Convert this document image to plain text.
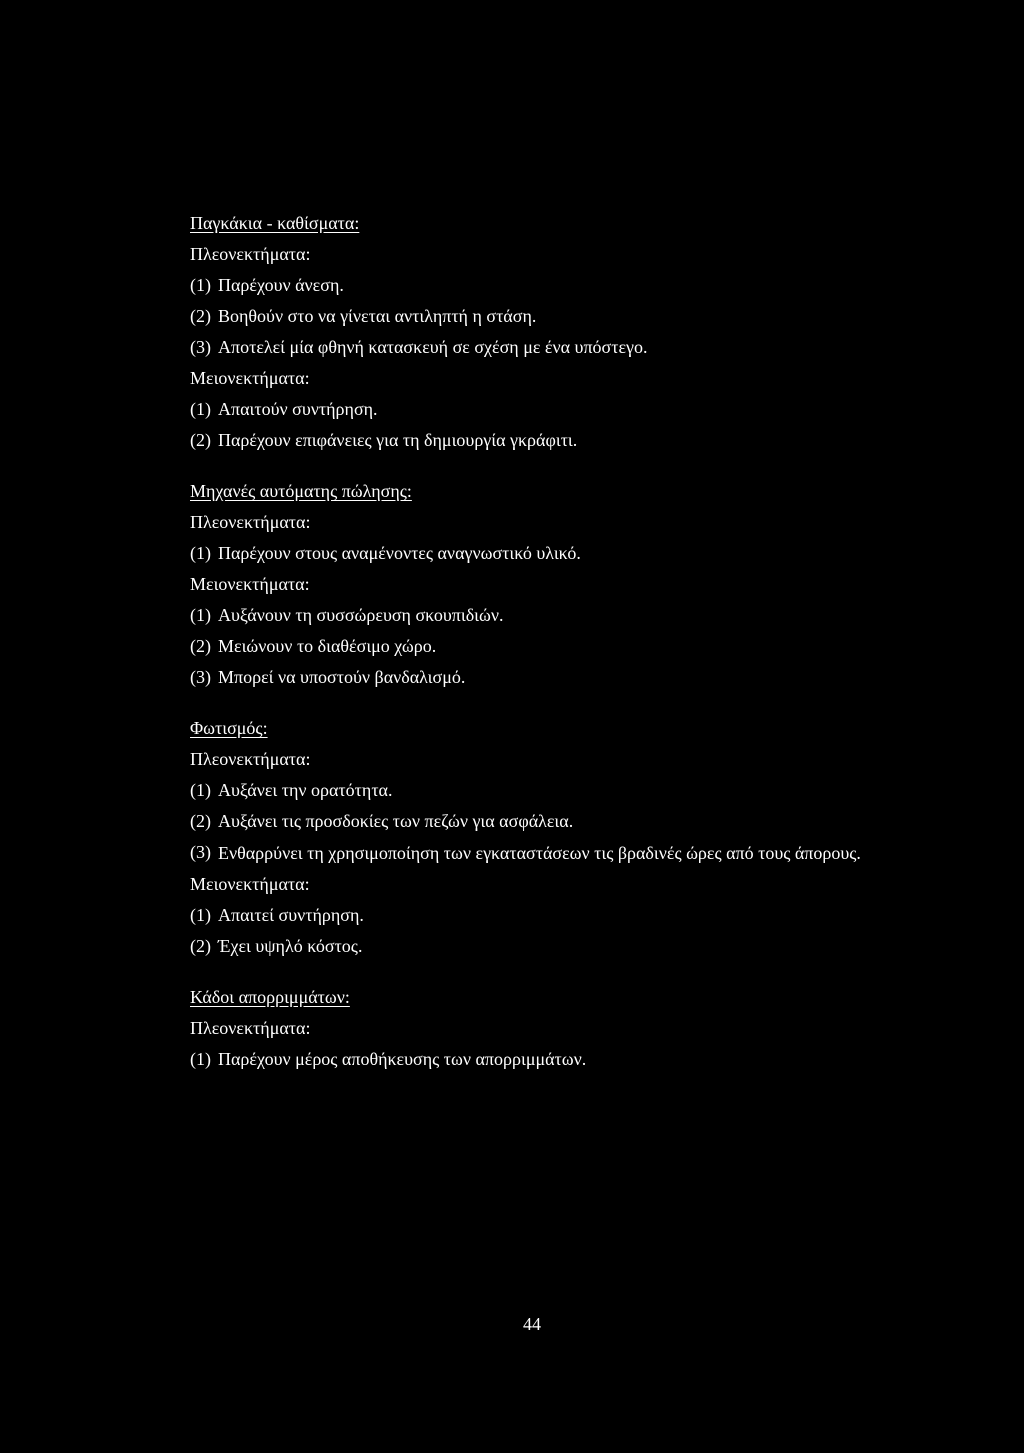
Παγκάκια - καθίσματα:
Πλεονεκτήματα:
(1) Παρέχουν άνεση.
(2) Βοηθούν στο να γίνεται αντιληπτή η στάση.
(3) Αποτελεί μία φθηνή κατασκευή σε σχέση με ένα υπόστεγο.
Μειονεκτήματα:
(1) Απαιτούν συντήρηση.
(2) Παρέχουν επιφάνειες για τη δημιουργία γκράφιτι.
Μηχανές αυτόματης πώλησης:
Πλεονεκτήματα:
(1) Παρέχουν στους αναμένοντες αναγνωστικό υλικό.
Μειονεκτήματα:
(1) Αυξάνουν τη συσσώρευση σκουπιδιών.
(2) Μειώνουν το διαθέσιμο χώρο.
(3) Μπορεί να υποστούν βανδαλισμό.
Φωτισμός:
Πλεονεκτήματα:
(1) Αυξάνει την ορατότητα.
(2) Αυξάνει τις προσδοκίες των πεζών για ασφάλεια.
(3) Ενθαρρύνει τη χρησιμοποίηση των εγκαταστάσεων τις βραδινές ώρες από τους άπορους.
Μειονεκτήματα:
(1) Απαιτεί συντήρηση.
(2) Έχει υψηλό κόστος.
Κάδοι απορριμμάτων:
Πλεονεκτήματα:
(1) Παρέχουν μέρος αποθήκευσης των απορριμμάτων.
44
